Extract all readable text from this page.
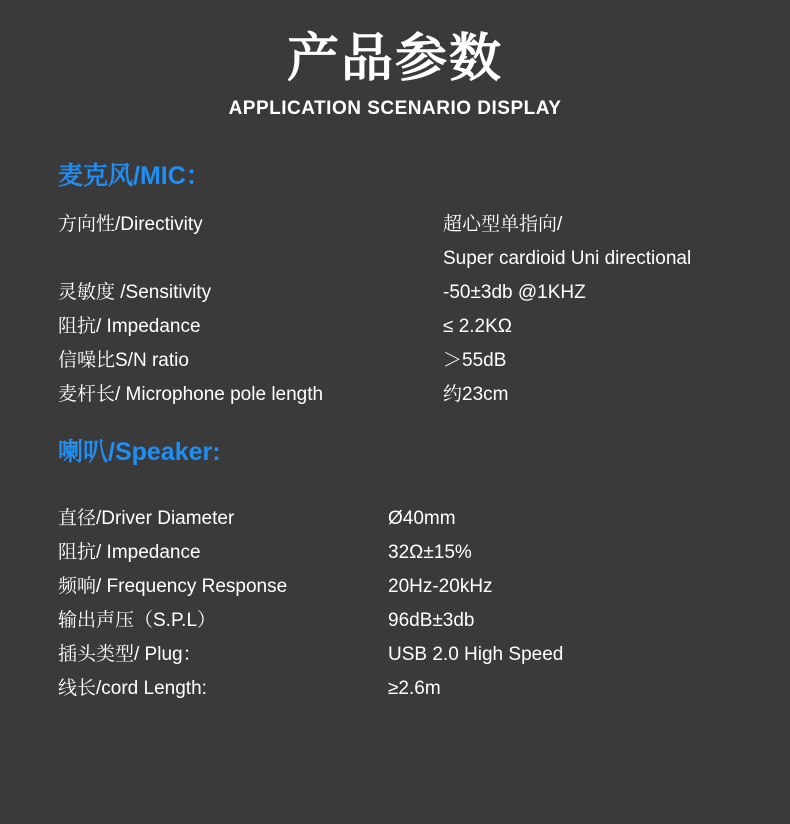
产品参数
APPLICATION SCENARIO DISPLAY
麦克风/MIC：
方向性/Directivity	超心型单指向/
Super cardioid Uni directional

灵敏度 /Sensitivity	-50±3db @1KHZ
阻抗/ Impedance	≤ 2.2KΩ
信噪比S/N ratio	＞55dB
麦杆长/ Microphone pole length	约23cm
喇叭/Speaker:
直径/Driver Diameter	Ø40mm
阻抗/ Impedance	32Ω±15%
频响/ Frequency Response	20Hz-20kHz
输出声压（S.P.L）	96dB±3db
插头类型/ Plug：	USB 2.0 High Speed
线长/cord Length:	≥2.6m
